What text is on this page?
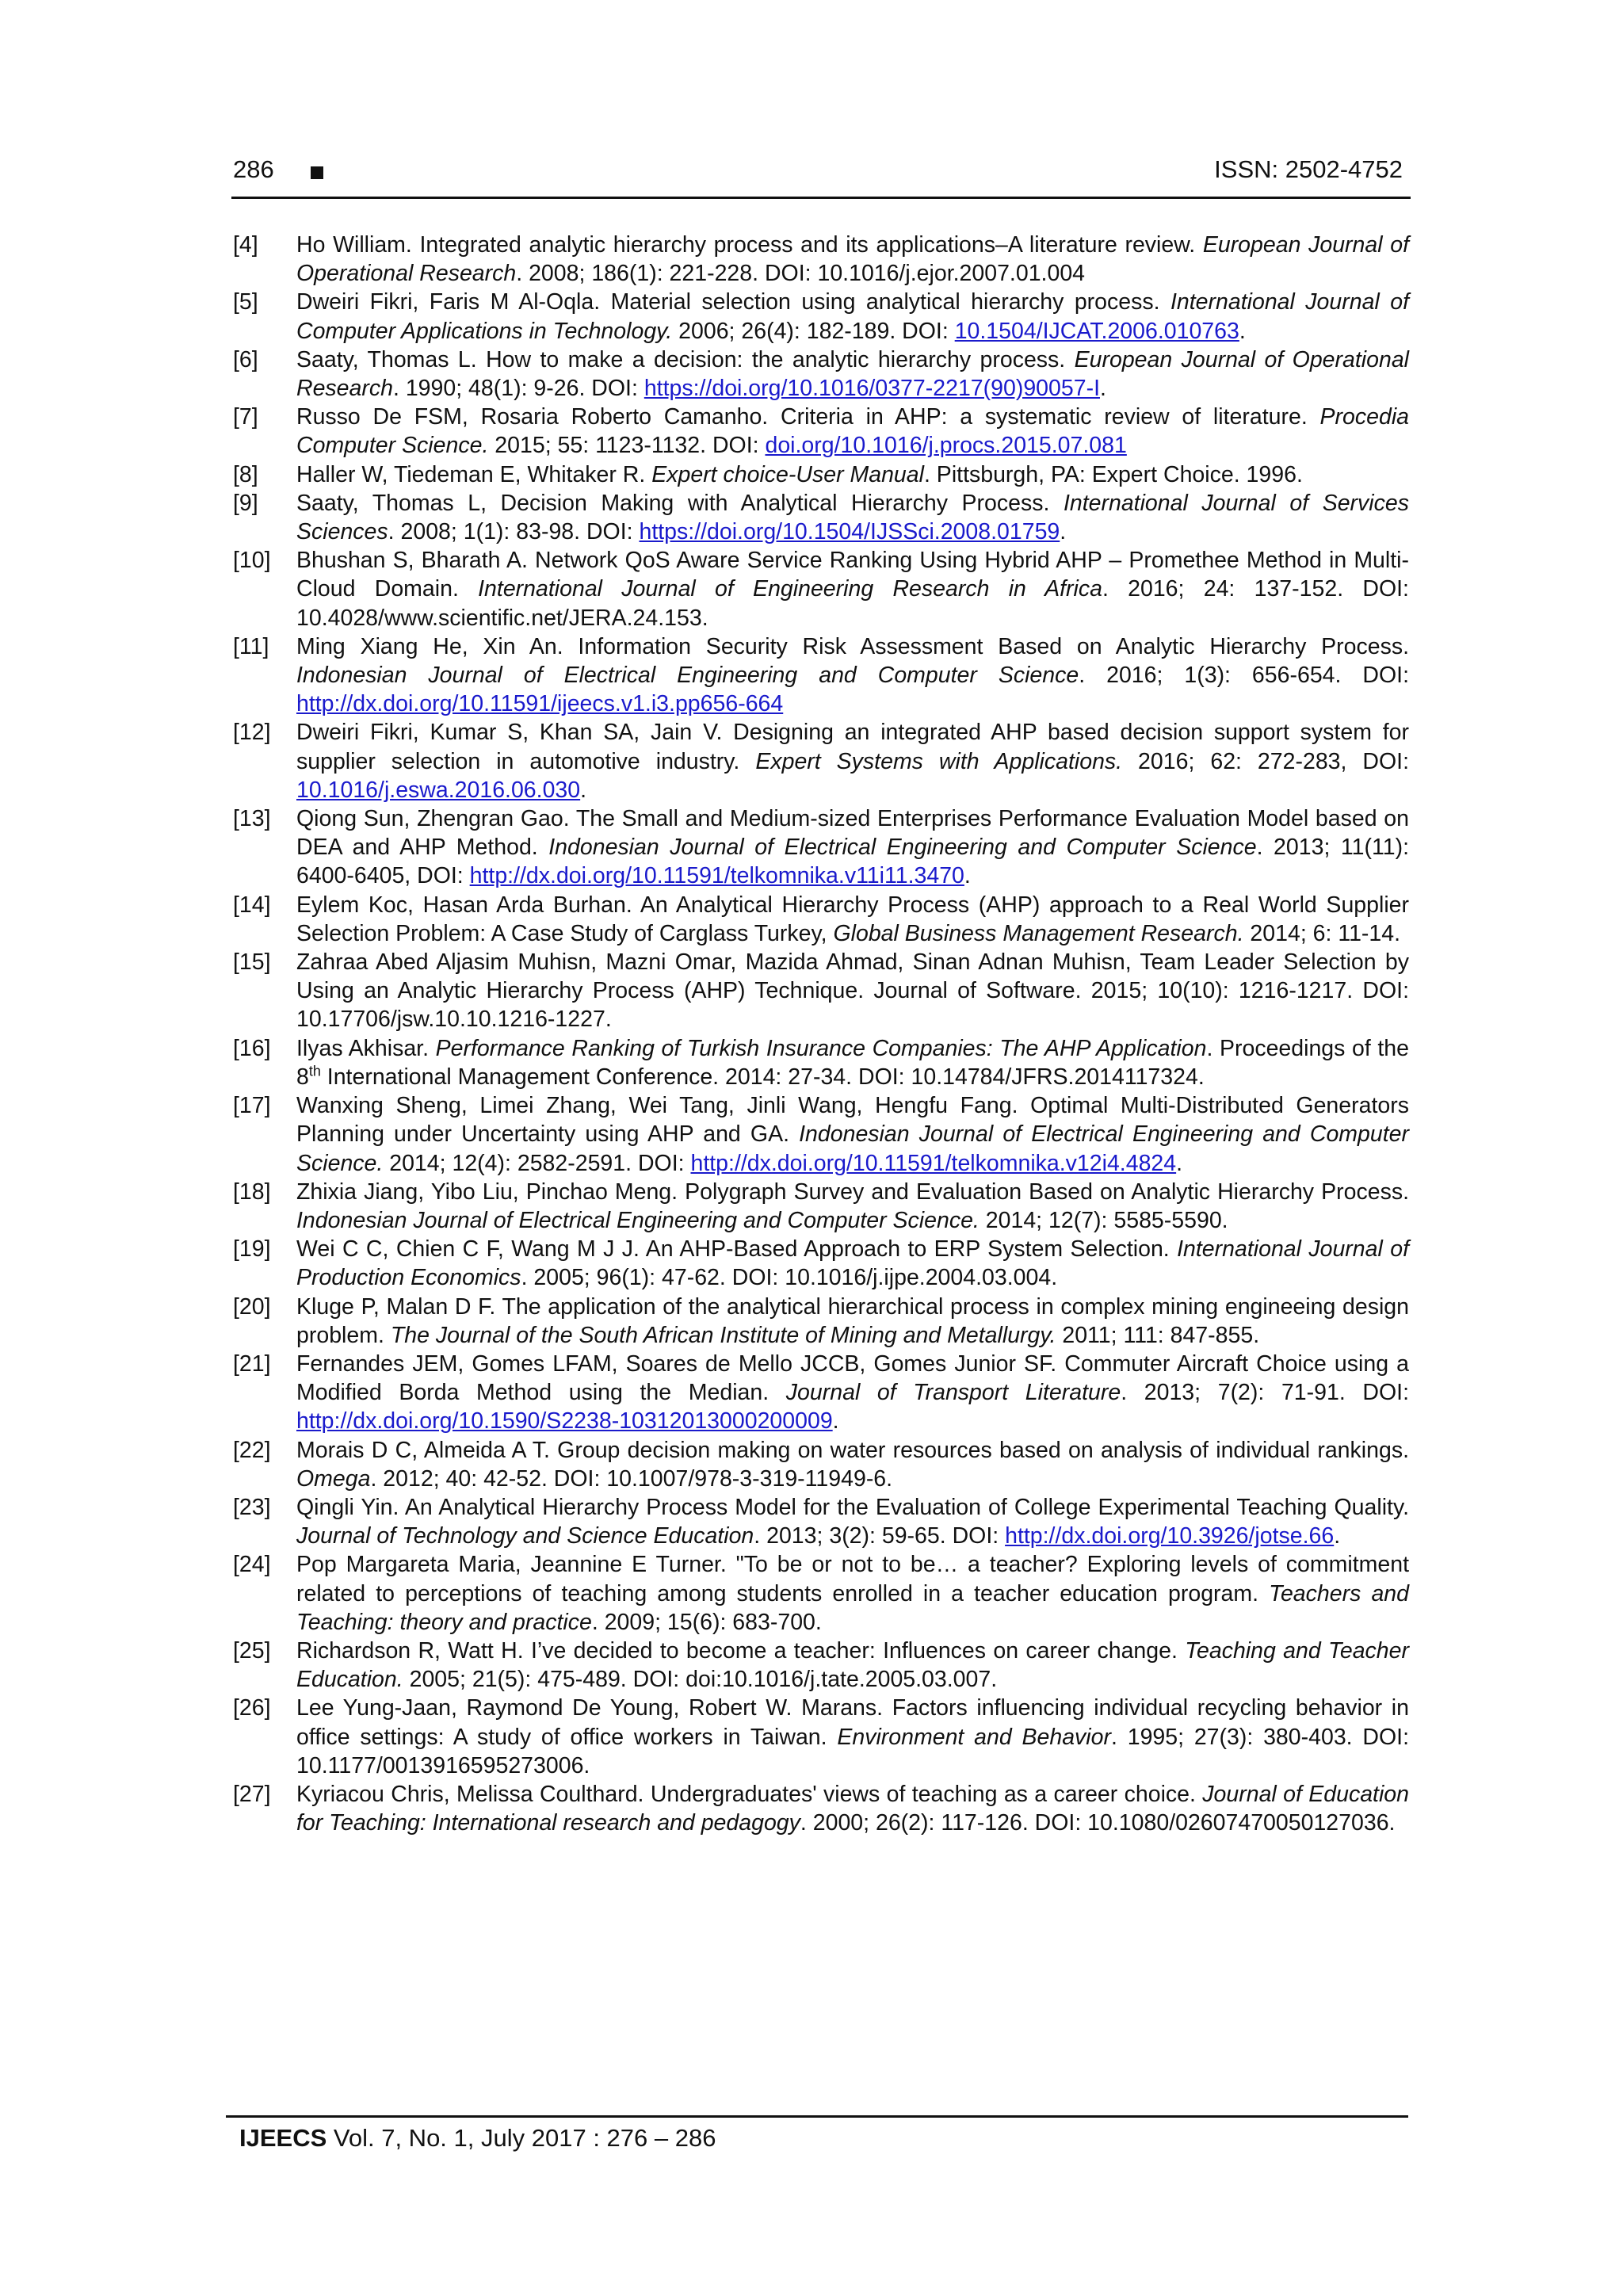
286	ISSN: 2502-4752
[4] Ho William. Integrated analytic hierarchy process and its applications–A literature review. European Journal of Operational Research. 2008; 186(1): 221-228. DOI: 10.1016/j.ejor.2007.01.004
[5] Dweiri Fikri, Faris M Al-Oqla. Material selection using analytical hierarchy process. International Journal of Computer Applications in Technology. 2006; 26(4): 182-189. DOI: 10.1504/IJCAT.2006.010763.
[6] Saaty, Thomas L. How to make a decision: the analytic hierarchy process. European Journal of Operational Research. 1990; 48(1): 9-26. DOI: https://doi.org/10.1016/0377-2217(90)90057-I.
[7] Russo De FSM, Rosaria Roberto Camanho. Criteria in AHP: a systematic review of literature. Procedia Computer Science. 2015; 55: 1123-1132. DOI: doi.org/10.1016/j.procs.2015.07.081
[8] Haller W, Tiedeman E, Whitaker R. Expert choice-User Manual. Pittsburgh, PA: Expert Choice. 1996.
[9] Saaty, Thomas L, Decision Making with Analytical Hierarchy Process. International Journal of Services Sciences. 2008; 1(1): 83-98. DOI: https://doi.org/10.1504/IJSSci.2008.01759.
[10] Bhushan S, Bharath A. Network QoS Aware Service Ranking Using Hybrid AHP – Promethee Method in Multi-Cloud Domain. International Journal of Engineering Research in Africa. 2016; 24: 137-152. DOI: 10.4028/www.scientific.net/JERA.24.153.
[11] Ming Xiang He, Xin An. Information Security Risk Assessment Based on Analytic Hierarchy Process. Indonesian Journal of Electrical Engineering and Computer Science. 2016; 1(3): 656-654. DOI: http://dx.doi.org/10.11591/ijeecs.v1.i3.pp656-664
[12] Dweiri Fikri, Kumar S, Khan SA, Jain V. Designing an integrated AHP based decision support system for supplier selection in automotive industry. Expert Systems with Applications. 2016; 62: 272-283, DOI: 10.1016/j.eswa.2016.06.030.
[13] Qiong Sun, Zhengran Gao. The Small and Medium-sized Enterprises Performance Evaluation Model based on DEA and AHP Method. Indonesian Journal of Electrical Engineering and Computer Science. 2013; 11(11): 6400-6405, DOI: http://dx.doi.org/10.11591/telkomnika.v11i11.3470.
[14] Eylem Koc, Hasan Arda Burhan. An Analytical Hierarchy Process (AHP) approach to a Real World Supplier Selection Problem: A Case Study of Carglass Turkey, Global Business Management Research. 2014; 6: 11-14.
[15] Zahraa Abed Aljasim Muhisn, Mazni Omar, Mazida Ahmad, Sinan Adnan Muhisn, Team Leader Selection by Using an Analytic Hierarchy Process (AHP) Technique. Journal of Software. 2015; 10(10): 1216-1217. DOI: 10.17706/jsw.10.10.1216-1227.
[16] Ilyas Akhisar. Performance Ranking of Turkish Insurance Companies: The AHP Application. Proceedings of the 8th International Management Conference. 2014: 27-34. DOI: 10.14784/JFRS.2014117324.
[17] Wanxing Sheng, Limei Zhang, Wei Tang, Jinli Wang, Hengfu Fang. Optimal Multi-Distributed Generators Planning under Uncertainty using AHP and GA. Indonesian Journal of Electrical Engineering and Computer Science. 2014; 12(4): 2582-2591. DOI: http://dx.doi.org/10.11591/telkomnika.v12i4.4824.
[18] Zhixia Jiang, Yibo Liu, Pinchao Meng. Polygraph Survey and Evaluation Based on Analytic Hierarchy Process. Indonesian Journal of Electrical Engineering and Computer Science. 2014; 12(7): 5585-5590.
[19] Wei C C, Chien C F, Wang M J J. An AHP-Based Approach to ERP System Selection. International Journal of Production Economics. 2005; 96(1): 47-62. DOI: 10.1016/j.ijpe.2004.03.004.
[20] Kluge P, Malan D F. The application of the analytical hierarchical process in complex mining engineeing design problem. The Journal of the South African Institute of Mining and Metallurgy. 2011; 111: 847-855.
[21] Fernandes JEM, Gomes LFAM, Soares de Mello JCCB, Gomes Junior SF. Commuter Aircraft Choice using a Modified Borda Method using the Median. Journal of Transport Literature. 2013; 7(2): 71-91. DOI: http://dx.doi.org/10.1590/S2238-10312013000200009.
[22] Morais D C, Almeida A T. Group decision making on water resources based on analysis of individual rankings. Omega. 2012; 40: 42-52. DOI: 10.1007/978-3-319-11949-6.
[23] Qingli Yin. An Analytical Hierarchy Process Model for the Evaluation of College Experimental Teaching Quality. Journal of Technology and Science Education. 2013; 3(2): 59-65. DOI: http://dx.doi.org/10.3926/jotse.66.
[24] Pop Margareta Maria, Jeannine E Turner. "To be or not to be… a teacher? Exploring levels of commitment related to perceptions of teaching among students enrolled in a teacher education program. Teachers and Teaching: theory and practice. 2009; 15(6): 683-700.
[25] Richardson R, Watt H. I’ve decided to become a teacher: Influences on career change. Teaching and Teacher Education. 2005; 21(5): 475-489. DOI: doi:10.1016/j.tate.2005.03.007.
[26] Lee Yung-Jaan, Raymond De Young, Robert W. Marans. Factors influencing individual recycling behavior in office settings: A study of office workers in Taiwan. Environment and Behavior. 1995; 27(3): 380-403. DOI: 10.1177/0013916595273006.
[27] Kyriacou Chris, Melissa Coulthard. Undergraduates' views of teaching as a career choice. Journal of Education for Teaching: International research and pedagogy. 2000; 26(2): 117-126. DOI: 10.1080/02607470050127036.
IJEECS Vol. 7, No. 1, July 2017 : 276 – 286
